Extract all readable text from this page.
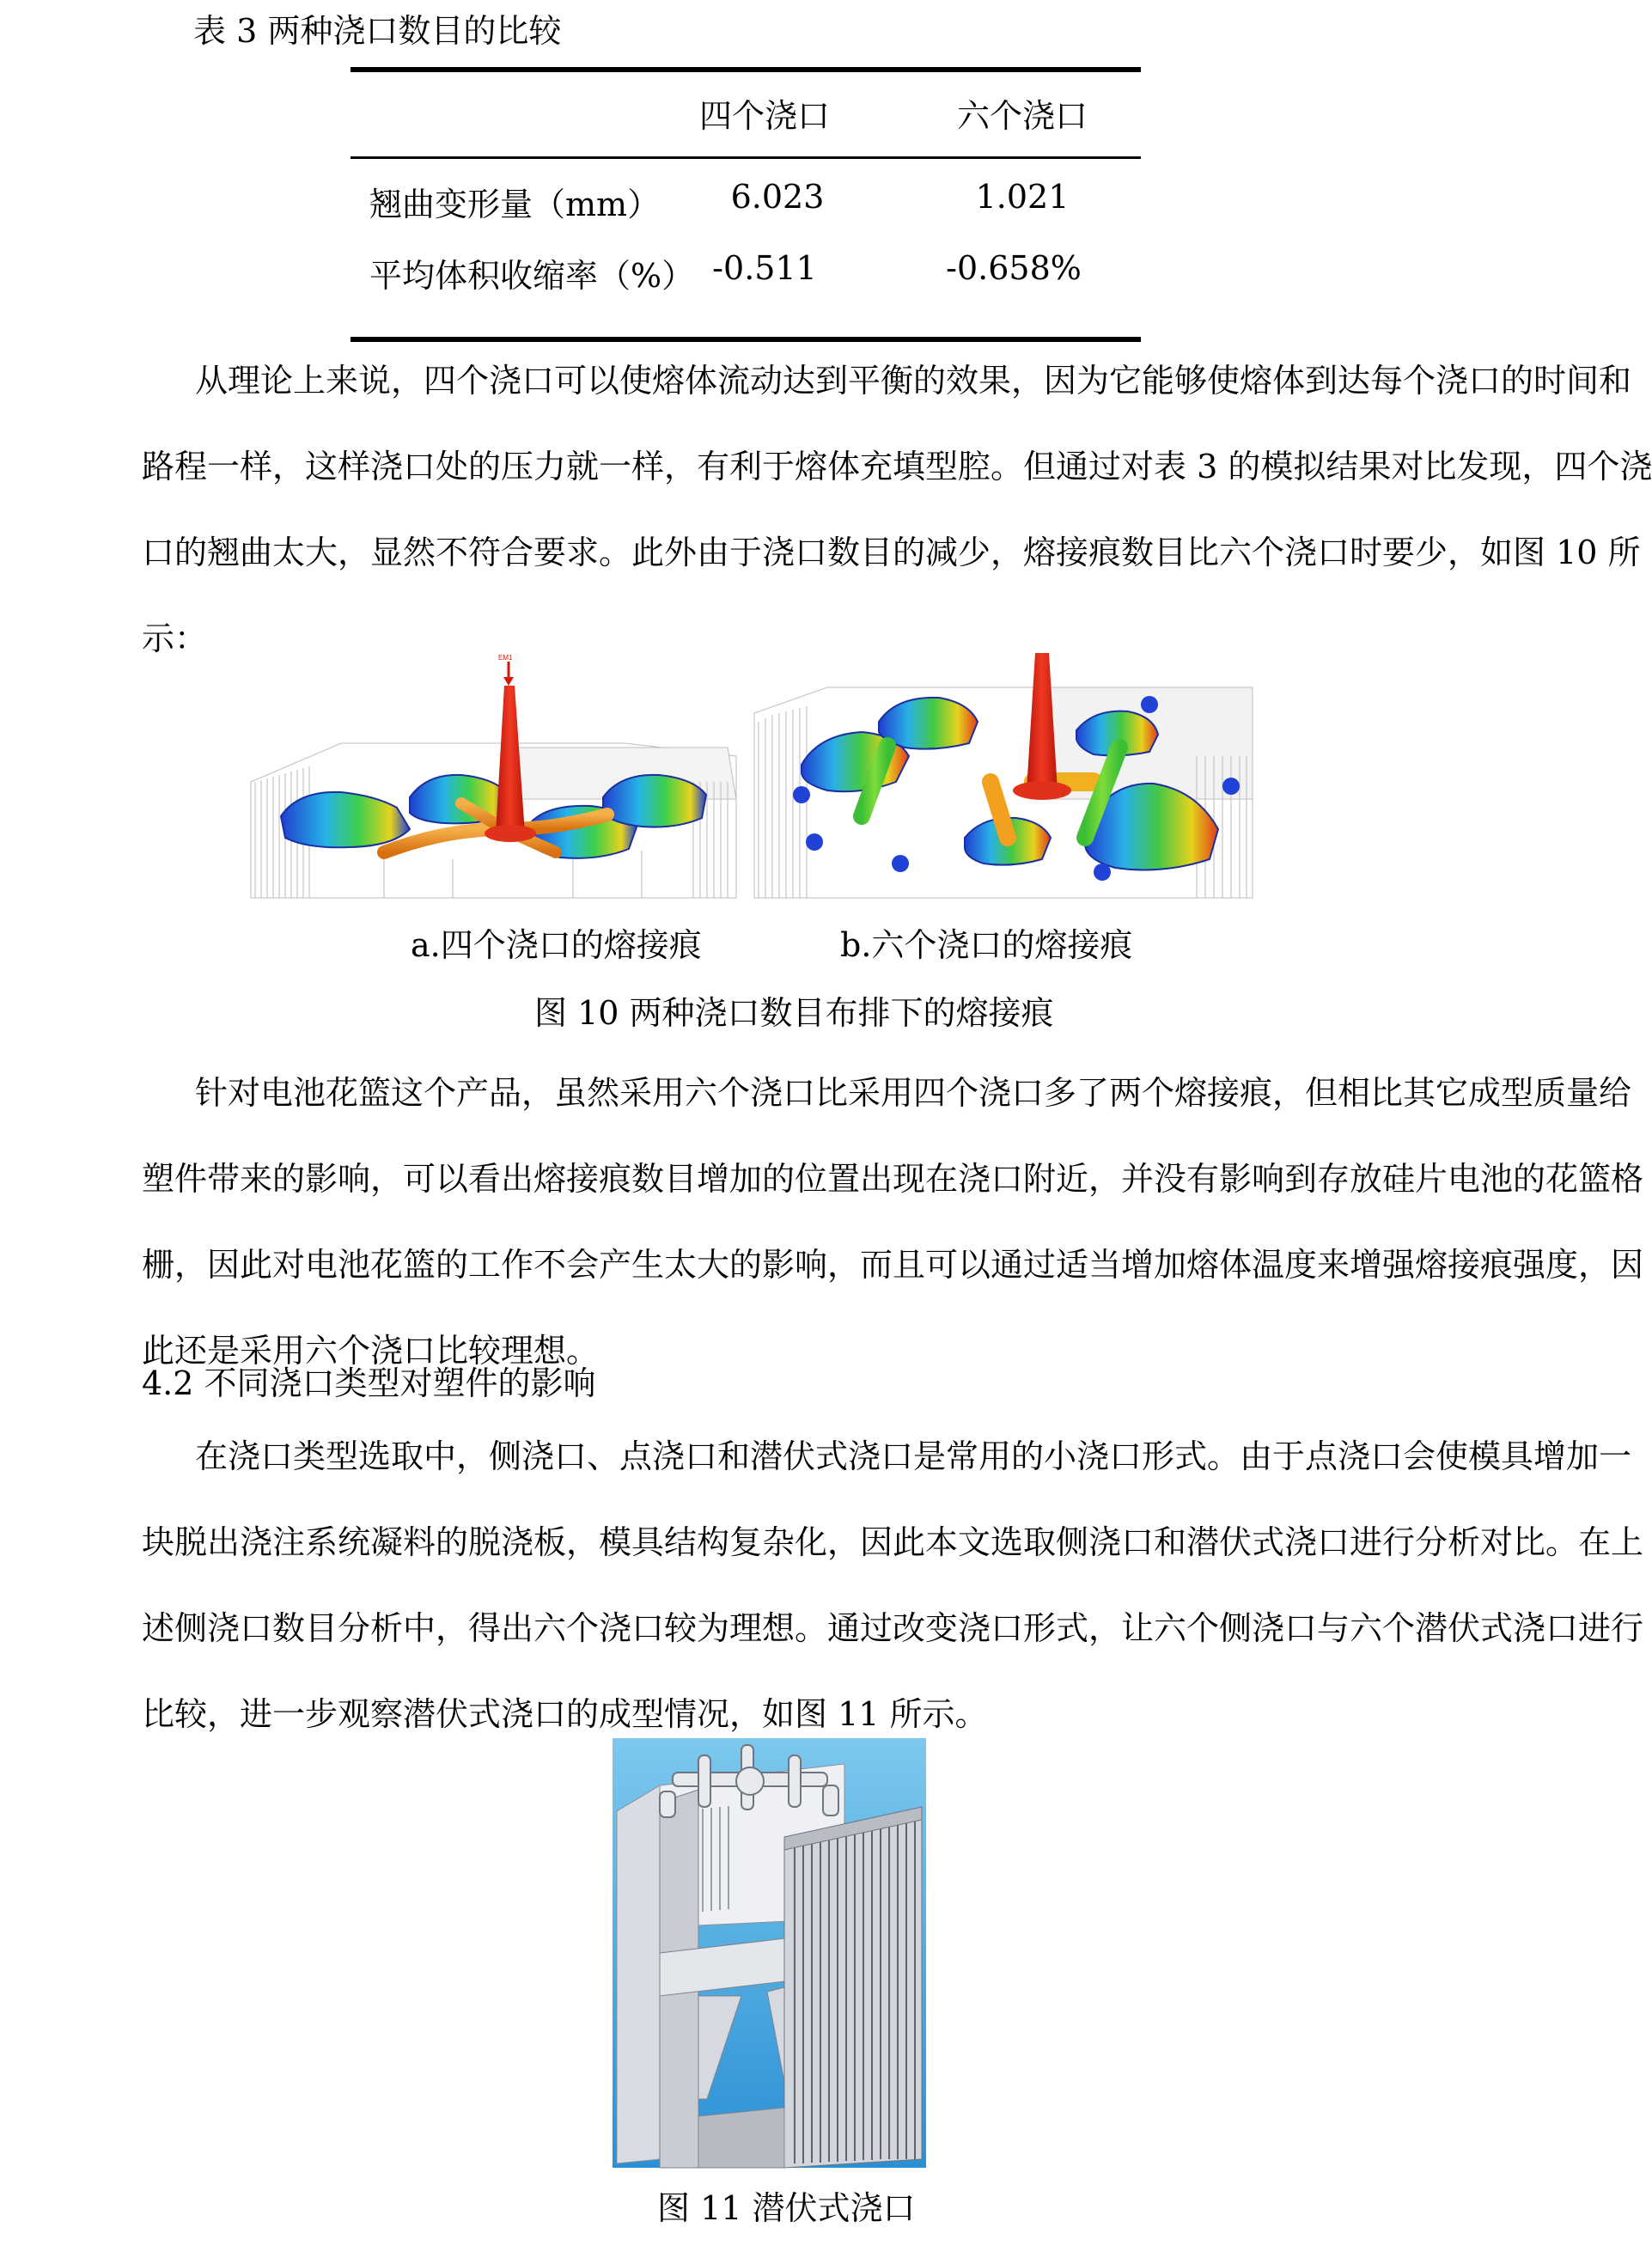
表 3 两种浇口数目的比较
四个浇口	六个浇口
翘曲变形量（mm） 6.023	1.021
平均体积收缩率（%） -0.511	-0.658%
从理论上来说，四个浇口可以使熔体流动达到平衡的效果，因为它能够使熔体到达每个浇口的时间和
路程一样，这样浇口处的压力就一样，有利于熔体充填型腔。但通过对表 3 的模拟结果对比发现，四个浇
口的翘曲太大，显然不符合要求。此外由于浇口数目的减少，熔接痕数目比六个浇口时要少，如图 10 所
示：
EM1
a.四个浇口的熔接痕	b.六个浇口的熔接痕
图 10 两种浇口数目布排下的熔接痕
针对电池花篮这个产品，虽然采用六个浇口比采用四个浇口多了两个熔接痕，但相比其它成型质量给
塑件带来的影响，可以看出熔接痕数目增加的位置出现在浇口附近，并没有影响到存放硅片电池的花篮格
栅，因此对电池花篮的工作不会产生太大的影响，而且可以通过适当增加熔体温度来增强熔接痕强度，因
此还是采用六个浇口比较理想。
4.2 不同浇口类型对塑件的影响
在浇口类型选取中，侧浇口、点浇口和潜伏式浇口是常用的小浇口形式。由于点浇口会使模具增加一
块脱出浇注系统凝料的脱浇板，模具结构复杂化，因此本文选取侧浇口和潜伏式浇口进行分析对比。在上
述侧浇口数目分析中，得出六个浇口较为理想。通过改变浇口形式，让六个侧浇口与六个潜伏式浇口进行
比较，进一步观察潜伏式浇口的成型情况，如图 11 所示。
图 11 潜伏式浇口
